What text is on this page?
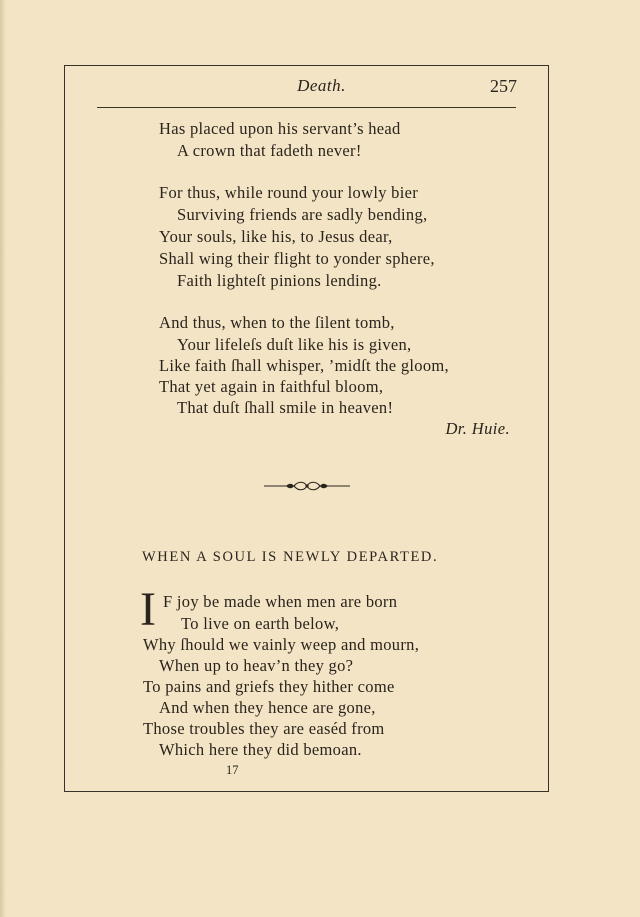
Death.	257
Has placed upon his servant’s head
A crown that fadeth never!
For thus, while round your lowly bier
Surviving friends are sadly bending,
Your souls, like his, to Jesus dear,
Shall wing their flight to yonder sphere,
Faith lighteſt pinions lending.
And thus, when to the ſilent tomb,
Your lifeleſs duſt like his is given,
Like faith ſhall whisper, ’midſt the gloom,
That yet again in faithful bloom,
That duſt ſhall smile in heaven!
Dr. Huie.
WHEN A SOUL IS NEWLY DEPARTED.
I F joy be made when men are born
To live on earth below,
Why ſhould we vainly weep and mourn,
When up to heav’n they go?
To pains and griefs they hither come
And when they hence are gone,
Those troubles they are easéd from
Which here they did bemoan.
17
